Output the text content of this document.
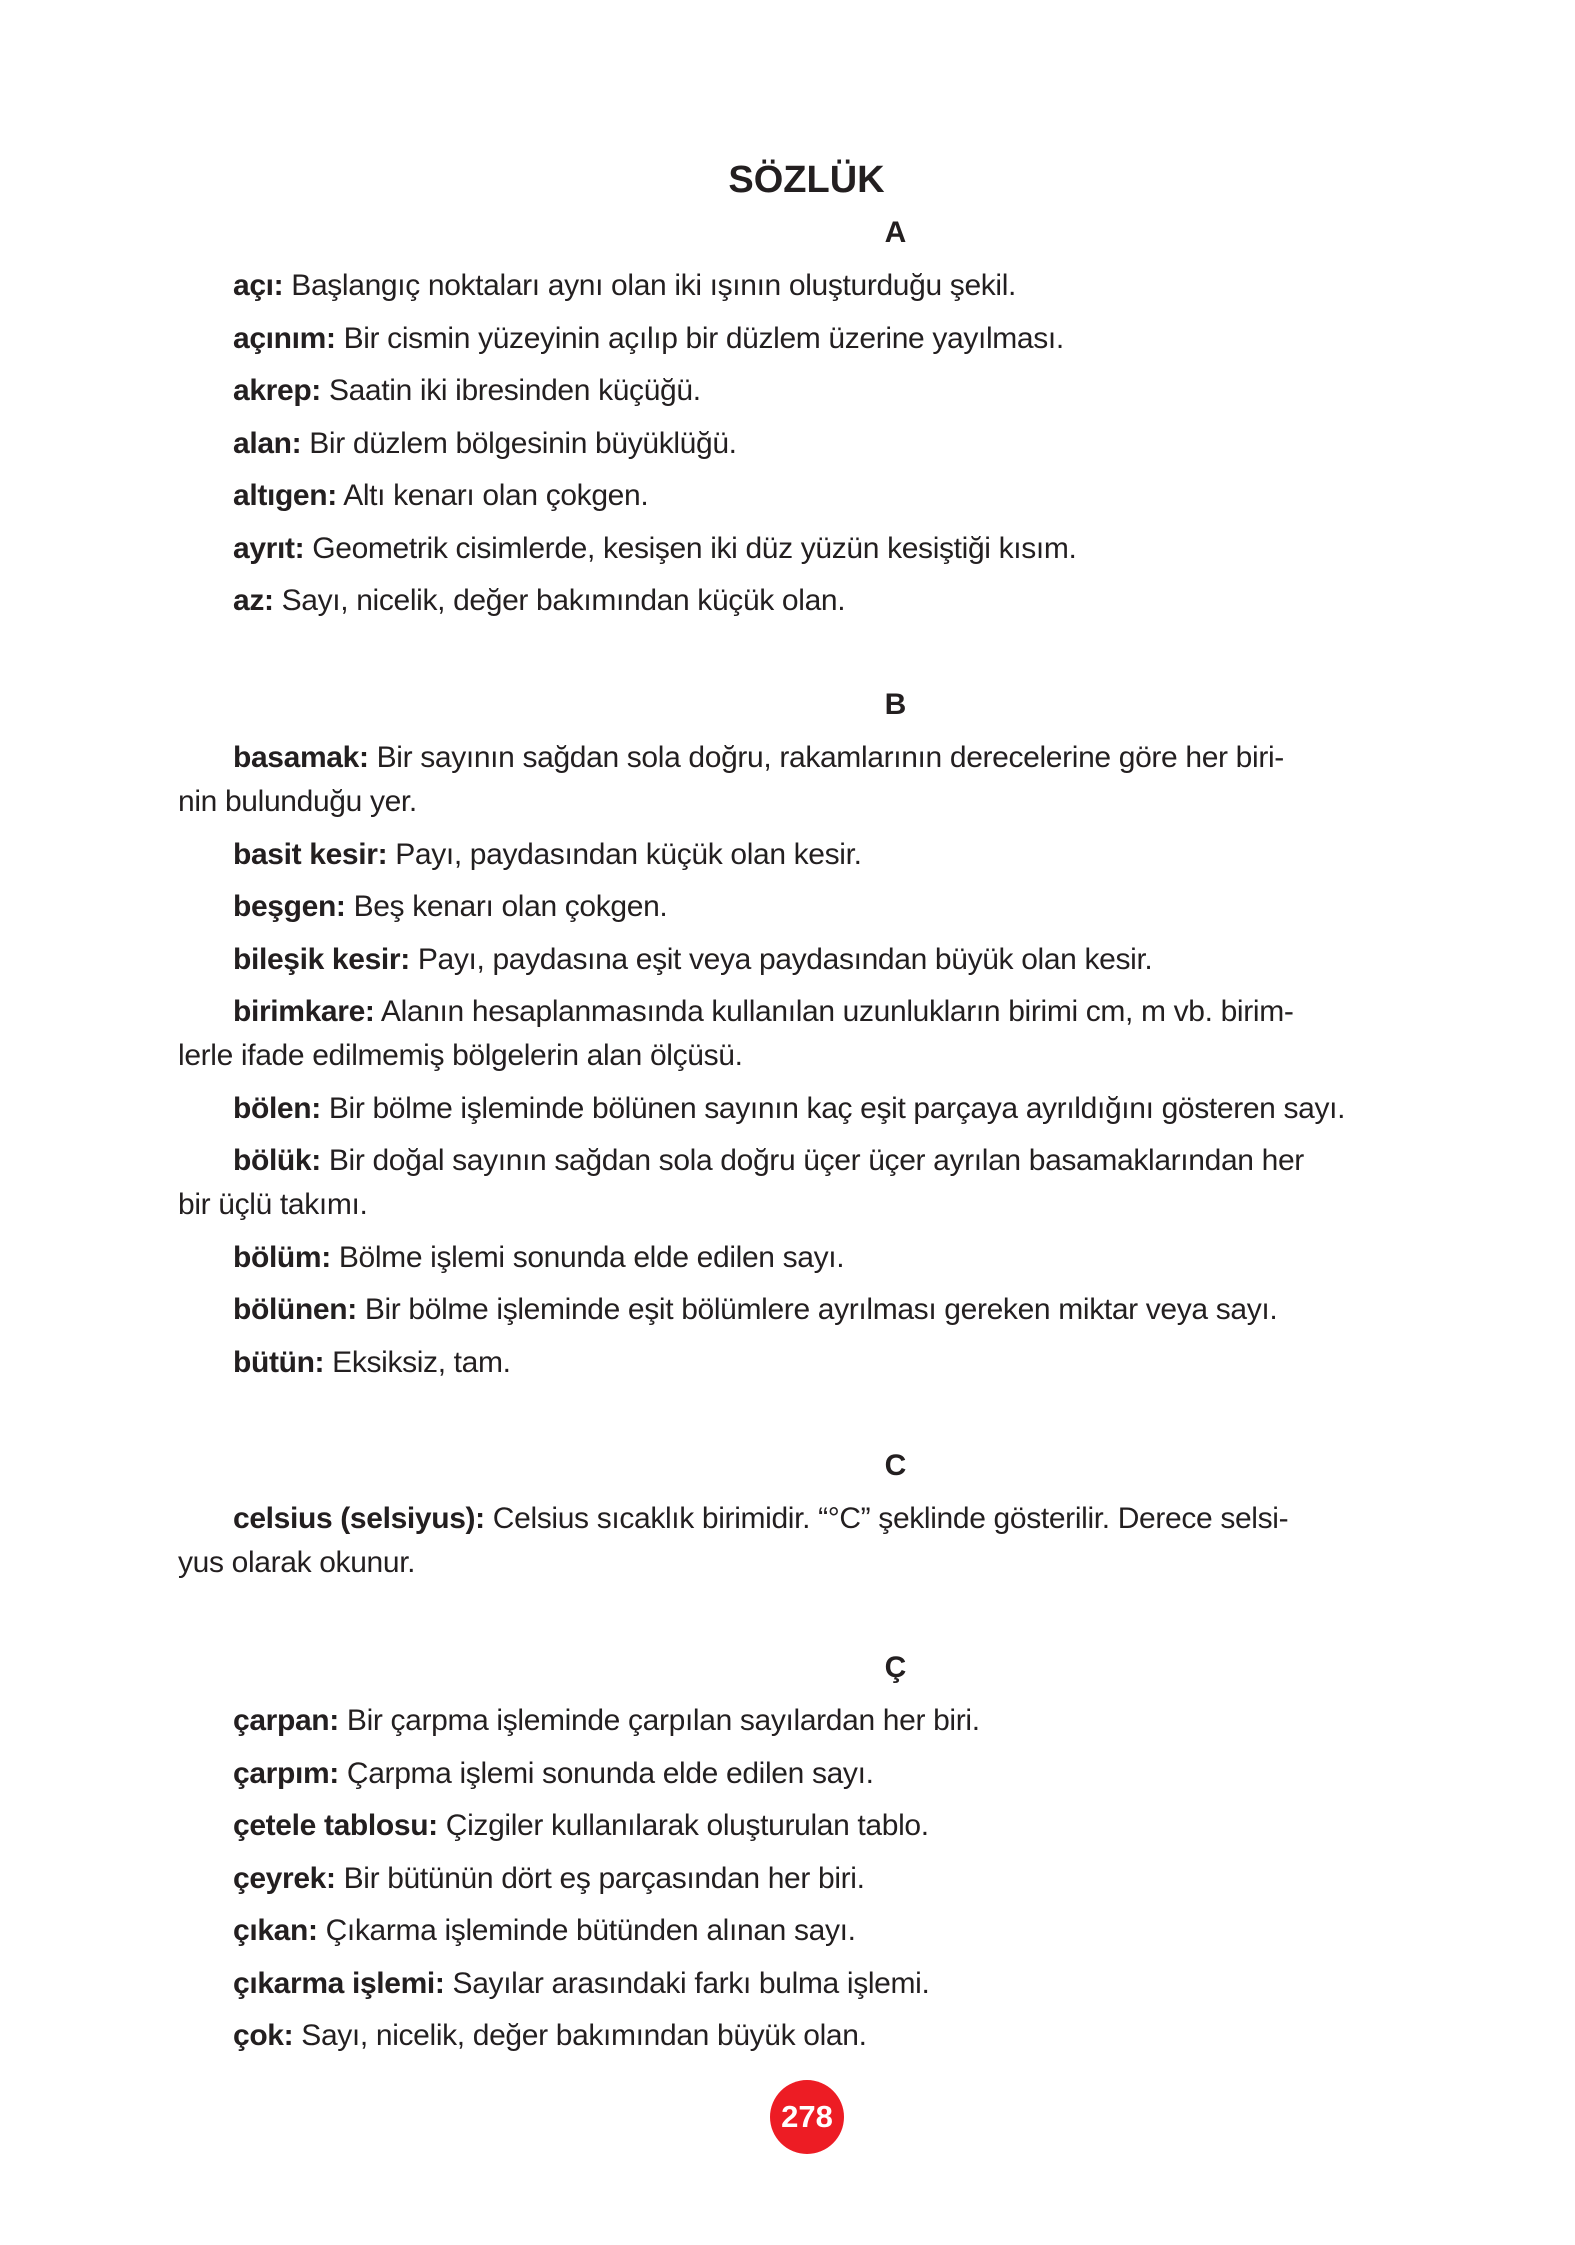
SÖZLÜK
A
açı: Başlangıç noktaları aynı olan iki ışının oluşturduğu şekil.
açınım: Bir cismin yüzeyinin açılıp bir düzlem üzerine yayılması.
akrep: Saatin iki ibresinden küçüğü.
alan: Bir düzlem bölgesinin büyüklüğü.
altıgen: Altı kenarı olan çokgen.
ayrıt: Geometrik cisimlerde, kesişen iki düz yüzün kesiştiği kısım.
az: Sayı, nicelik, değer bakımından küçük olan.
B
basamak: Bir sayının sağdan sola doğru, rakamlarının derecelerine göre her biri-
nin bulunduğu yer.
basit kesir: Payı, paydasından küçük olan kesir.
beşgen: Beş kenarı olan çokgen.
bileşik kesir: Payı, paydasına eşit veya paydasından büyük olan kesir.
birimkare: Alanın hesaplanmasında kullanılan uzunlukların birimi cm, m vb. birim-
lerle ifade edilmemiş bölgelerin alan ölçüsü.
bölen: Bir bölme işleminde bölünen sayının kaç eşit parçaya ayrıldığını gösteren sayı.
bölük: Bir doğal sayının sağdan sola doğru üçer üçer ayrılan basamaklarından her
bir üçlü takımı.
bölüm: Bölme işlemi sonunda elde edilen sayı.
bölünen: Bir bölme işleminde eşit bölümlere ayrılması gereken miktar veya sayı.
bütün: Eksiksiz, tam.
C
celsius (selsiyus): Celsius sıcaklık birimidir. “°C” şeklinde gösterilir. Derece selsi-
yus olarak okunur.
Ç
çarpan: Bir çarpma işleminde çarpılan sayılardan her biri.
çarpım: Çarpma işlemi sonunda elde edilen sayı.
çetele tablosu: Çizgiler kullanılarak oluşturulan tablo.
çeyrek: Bir bütünün dört eş parçasından her biri.
çıkan: Çıkarma işleminde bütünden alınan sayı.
çıkarma işlemi: Sayılar arasındaki farkı bulma işlemi.
çok: Sayı, nicelik, değer bakımından büyük olan.
278
